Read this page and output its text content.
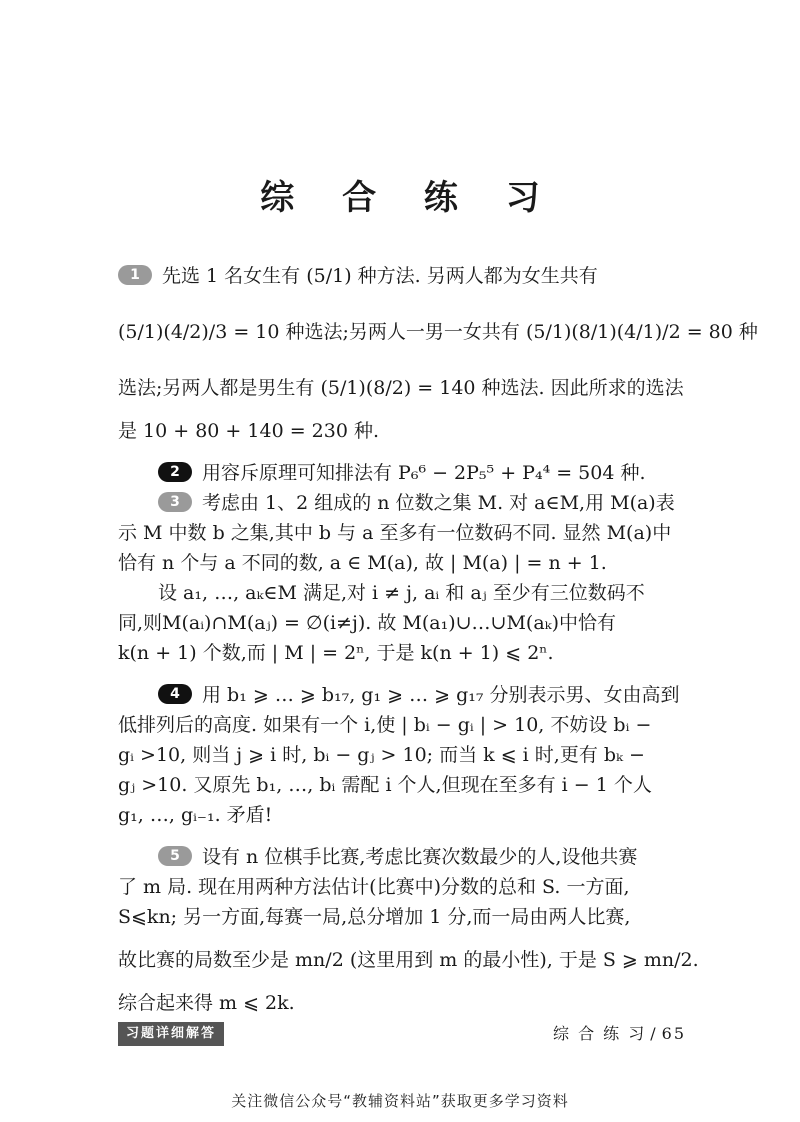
综 合 练 习
1 先选 1 名女生有 (5/1) 种方法. 另两人都为女生共有
(5/1)(4/2)/3 = 10 种选法;另两人一男一女共有 (5/1)(8/1)(4/1)/2 = 80 种
选法;另两人都是男生有 (5/1)(8/2) = 140 种选法. 因此所求的选法
是 10 + 80 + 140 = 230 种.
2 用容斥原理可知排法有 P₆⁶ − 2P₅⁵ + P₄⁴ = 504 种.
3 考虑由 1、2 组成的 n 位数之集 M. 对 a∈M,用 M(a)表
示 M 中数 b 之集,其中 b 与 a 至多有一位数码不同. 显然 M(a)中
恰有 n 个与 a 不同的数, a ∈ M(a), 故 | M(a) | = n + 1.
设 a₁, …, aₖ∈M 满足,对 i ≠ j, aᵢ 和 aⱼ 至少有三位数码不
同,则M(aᵢ)∩M(aⱼ) = ∅(i≠j). 故 M(a₁)∪…∪M(aₖ)中恰有
k(n + 1) 个数,而 | M | = 2ⁿ, 于是 k(n + 1) ⩽ 2ⁿ.
4 用 b₁ ⩾ … ⩾ b₁₇, g₁ ⩾ … ⩾ g₁₇ 分别表示男、女由高到
低排列后的高度. 如果有一个 i,使 | bᵢ − gᵢ | > 10, 不妨设 bᵢ −
gᵢ >10, 则当 j ⩾ i 时, bᵢ − gⱼ > 10; 而当 k ⩽ i 时,更有 bₖ −
gⱼ >10. 又原先 b₁, …, bᵢ 需配 i 个人,但现在至多有 i − 1 个人
g₁, …, gᵢ₋₁. 矛盾!
5 设有 n 位棋手比赛,考虑比赛次数最少的人,设他共赛
了 m 局. 现在用两种方法估计(比赛中)分数的总和 S. 一方面,
S⩽kn; 另一方面,每赛一局,总分增加 1 分,而一局由两人比赛,
故比赛的局数至少是 mn/2 (这里用到 m 的最小性), 于是 S ⩾ mn/2.
综合起来得 m ⩽ 2k.
习题详细解答	综 合 练 习 / 65
关注微信公众号“教辅资料站”获取更多学习资料
